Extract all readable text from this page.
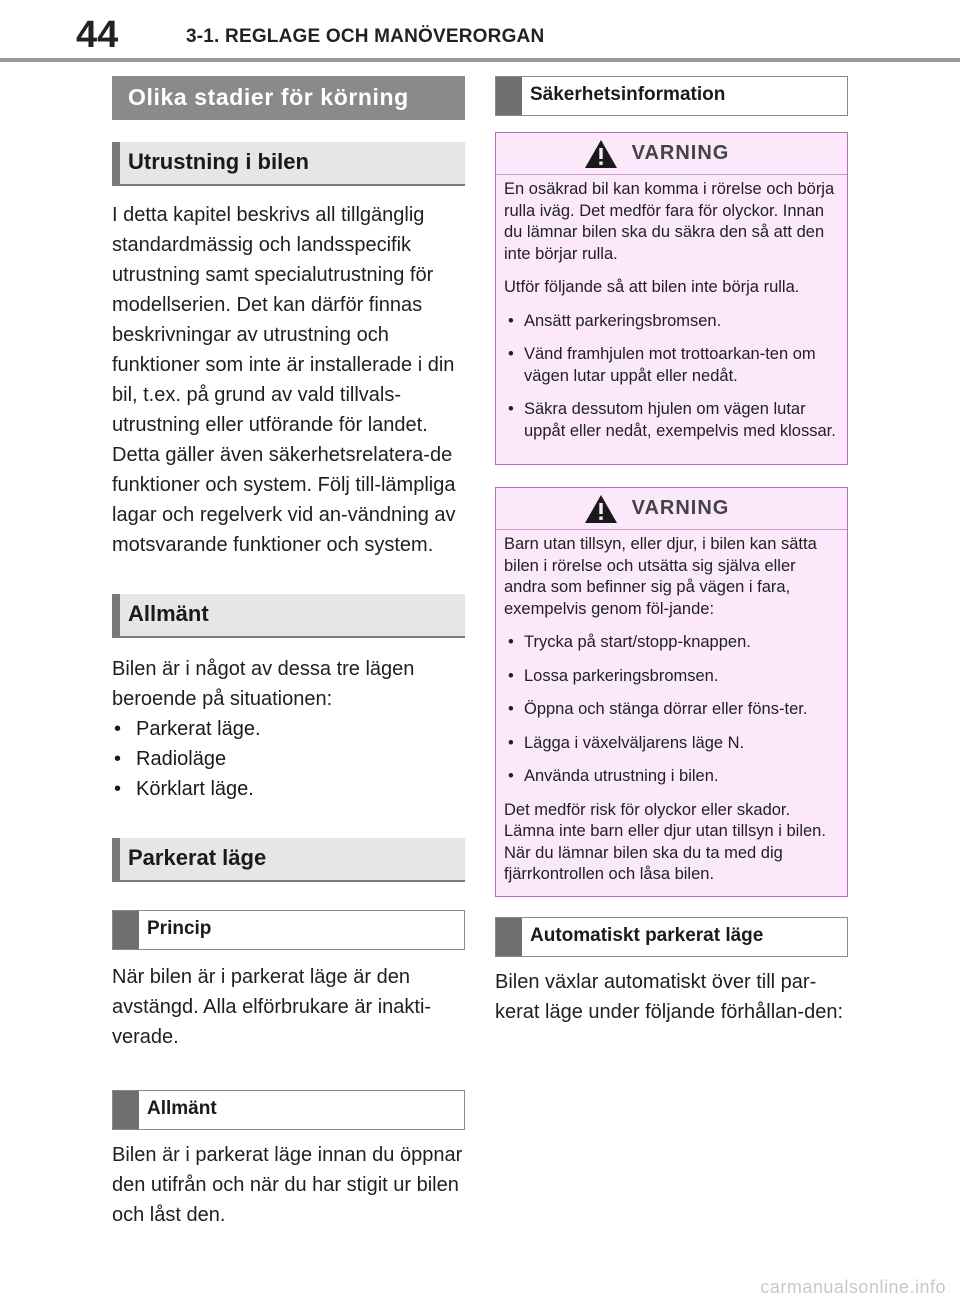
44	3-1. REGLAGE OCH MANÖVERORGAN
Olika stadier för körning
Utrustning i bilen

I detta kapitel beskrivs all tillgänglig standardmässig och landsspecifik utrustning samt specialutrustning för modellserien. Det kan därför finnas beskrivningar av utrustning och funktioner som inte är installerade i din bil, t.ex. på grund av vald tillvals-utrustning eller utförande för landet. Detta gäller även säkerhetsrelatera-de funktioner och system. Följ till-lämpliga lagar och regelverk vid an-vändning av motsvarande funktioner och system.

Allmänt

Bilen är i något av dessa tre lägen beroende på situationen:

• Parkerat läge.
• Radioläge
• Körklart läge.
Parkerat läge
Princip

När bilen är i parkerat läge är den avstängd. Alla elförbrukare är inakti-verade.

Allmänt

Bilen är i parkerat läge innan du öppnar den utifrån och när du har stigit ur bilen och låst den.

Säkerhetsinformation
VARNING

En osäkrad bil kan komma i rörelse och börja rulla iväg. Det medför fara för olyckor. Innan du lämnar bilen ska du säkra den så att den inte börjar rulla.

Utför följande så att bilen inte börja rulla.

• Ansätt parkeringsbromsen.
• Vänd framhjulen mot trottoarkan-ten om vägen lutar uppåt eller nedåt.
• Säkra dessutom hjulen om vägen lutar uppåt eller nedåt, exempelvis med klossar.
VARNING

Barn utan tillsyn, eller djur, i bilen kan sätta bilen i rörelse och utsätta sig själva eller andra som befinner sig på vägen i fara, exempelvis genom föl-jande:

• Trycka på start/stopp-knappen.
• Lossa parkeringsbromsen.
• Öppna och stänga dörrar eller föns-ter.
• Lägga i växelväljarens läge N.
• Använda utrustning i bilen.

Det medför risk för olyckor eller skador. Lämna inte barn eller djur utan tillsyn i bilen. När du lämnar bilen ska du ta med dig fjärrkontrollen och låsa bilen.

Automatiskt parkerat läge

Bilen växlar automatiskt över till par-kerat läge under följande förhållan-den:

carmanualsonline.info
